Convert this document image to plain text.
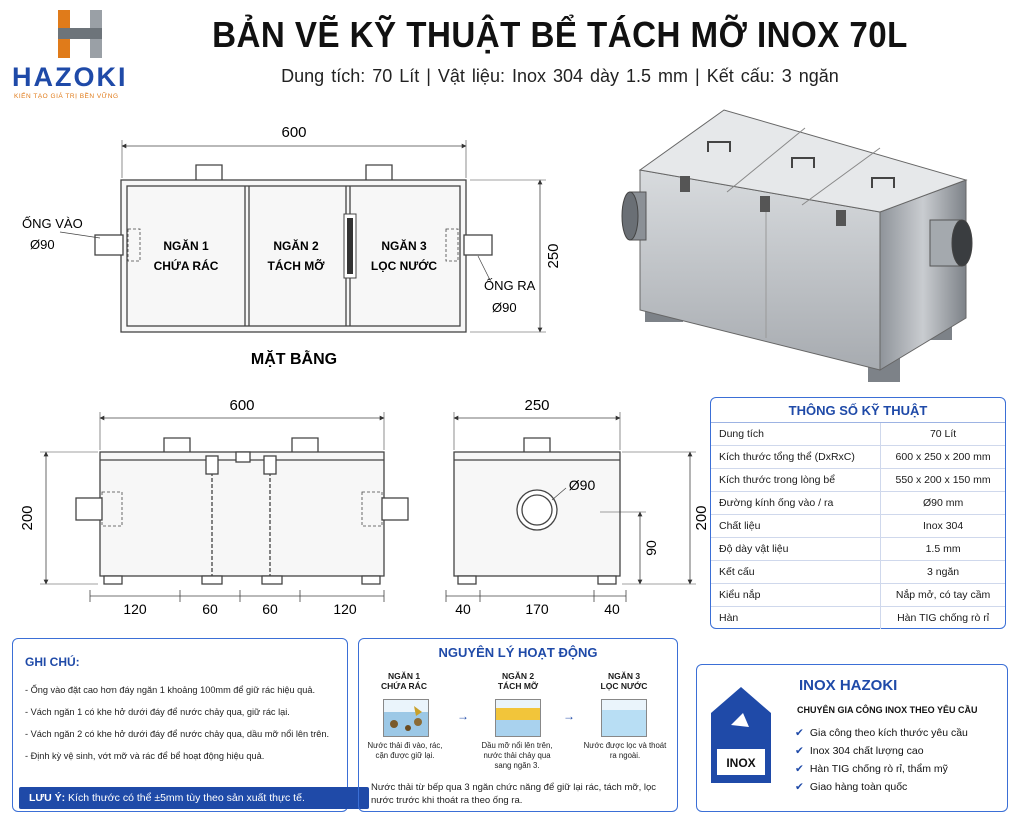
HAZOKI
KIẾN TẠO GIÁ TRỊ BỀN VỮNG
BẢN VẼ KỸ THUẬT BỂ TÁCH MỠ INOX 70L
Dung tích: 70 Lít | Vật liệu: Inox 304 dày 1.5 mm | Kết cấu: 3 ngăn
600
250
ỐNG VÀO
Ø90
ỐNG RA
Ø90
NGĂN 1
CHỨA RÁC
NGĂN 2
TÁCH MỠ
NGĂN 3
LỌC NƯỚC
MẶT BẰNG
600
200
120	60	60	120
250
Ø90
90
200
40	170	40
THÔNG SỐ KỸ THUẬT
Dung tích	70 Lít
Kích thước tổng thể (DxRxC)	600 x 250 x 200 mm
Kích thước trong lòng bể	550 x 200 x 150 mm
Đường kính ống vào / ra	Ø90 mm
Chất liệu	Inox 304
Độ dày vật liệu	1.5 mm
Kết cấu	3 ngăn
Kiểu nắp	Nắp mở, có tay cầm
Hàn	Hàn TIG chống rò rỉ
GHI CHÚ:
- Ống vào đặt cao hơn đáy ngăn 1 khoảng 100mm để giữ rác hiệu quả.
- Vách ngăn 1 có khe hở dưới đáy để nước chảy qua, giữ rác lại.
- Vách ngăn 2 có khe hở dưới đáy để nước chảy qua, dầu mỡ nổi lên trên.
- Định kỳ vệ sinh, vớt mỡ và rác để bể hoạt động hiệu quả.
LƯU Ý: Kích thước có thể ±5mm tùy theo sản xuất thực tế.
NGUYÊN LÝ HOẠT ĐỘNG
NGĂN 1
CHỨA RÁC
NGĂN 2
TÁCH MỠ
NGĂN 3
LỌC NƯỚC
→	→
Nước thải đi vào, rác, cặn được giữ lại.
Dầu mỡ nổi lên trên, nước thải chảy qua sang ngăn 3.
Nước được lọc và thoát ra ngoài.
Nước thải từ bếp qua 3 ngăn chức năng để giữ lại rác, tách mỡ, lọc nước trước khi thoát ra theo ống ra.
INOX
INOX HAZOKI
CHUYÊN GIA CÔNG INOX THEO YÊU CẦU
✔ Gia công theo kích thước yêu cầu
✔ Inox 304 chất lượng cao
✔ Hàn TIG chống rò rỉ, thẩm mỹ
✔ Giao hàng toàn quốc
